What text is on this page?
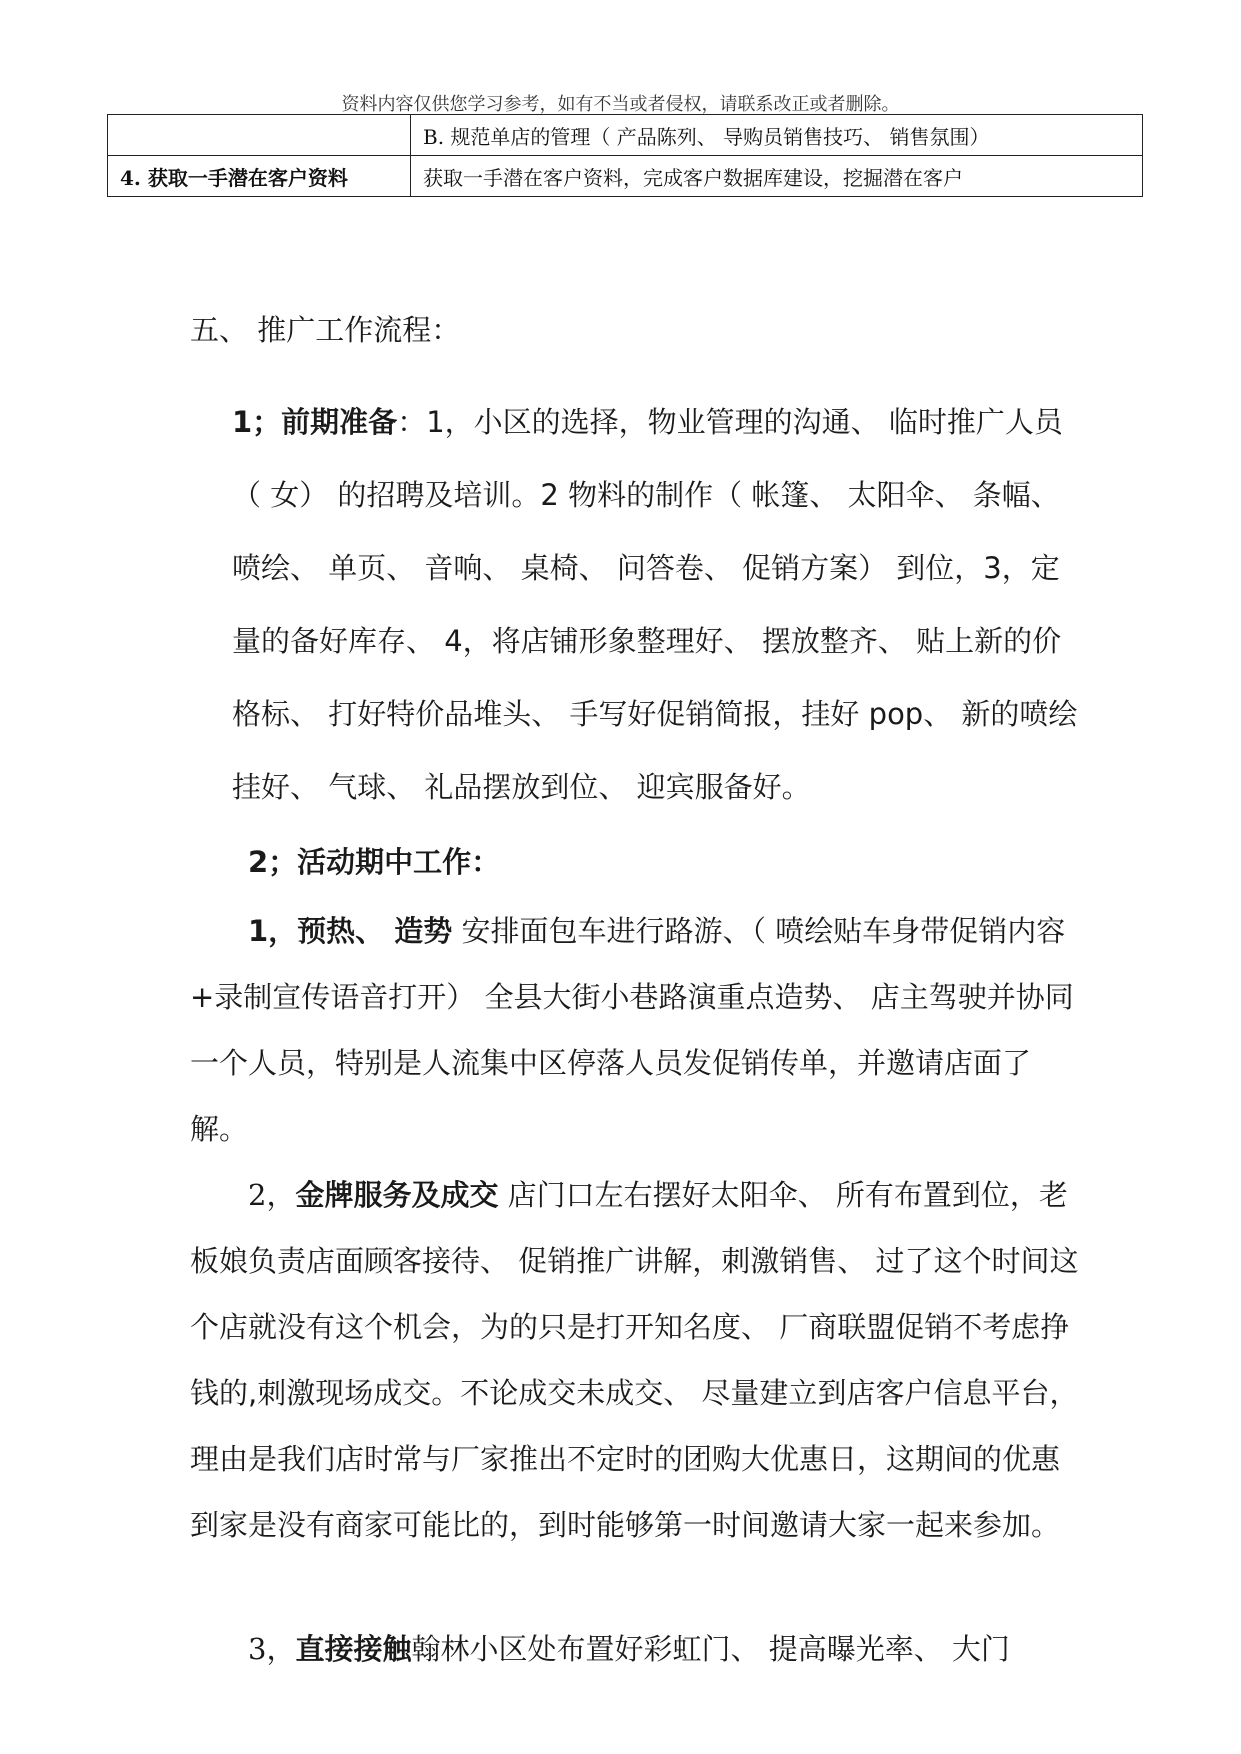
资料内容仅供您学习参考，如有不当或者侵权，请联系改正或者删除。
	B. 规范单店的管理（ 产品陈列、 导购员销售技巧、 销售氛围）
4. 获取一手潜在客户资料	获取一手潜在客户资料，完成客户数据库建设，挖掘潜在客户
五、 推广工作流程：
1；前期准备：1，小区的选择，物业管理的沟通、 临时推广人员（ 女） 的招聘及培训。2 物料的制作（ 帐篷、 太阳伞、 条幅、 喷绘、 单页、 音响、 桌椅、 问答卷、 促销方案） 到位，3，定量的备好库存、 4，将店铺形象整理好、 摆放整齐、 贴上新的价格标、 打好特价品堆头、 手写好促销简报，挂好 pop、 新的喷绘挂好、 气球、 礼品摆放到位、 迎宾服备好。
2；活动期中工作：
1，预热、 造势 安排面包车进行路游、（ 喷绘贴车身带促销内容+录制宣传语音打开） 全县大街小巷路演重点造势、 店主驾驶并协同一个人员，特别是人流集中区停落人员发促销传单，并邀请店面了解。
2，金牌服务及成交 店门口左右摆好太阳伞、 所有布置到位，老板娘负责店面顾客接待、 促销推广讲解，刺激销售、 过了这个时间这个店就没有这个机会，为的只是打开知名度、 厂商联盟促销不考虑挣钱的,刺激现场成交。不论成交未成交、 尽量建立到店客户信息平台，理由是我们店时常与厂家推出不定时的团购大优惠日，这期间的优惠到家是没有商家可能比的，到时能够第一时间邀请大家一起来参加。
3，直接接触翰林小区处布置好彩虹门、 提高曝光率、 大门
